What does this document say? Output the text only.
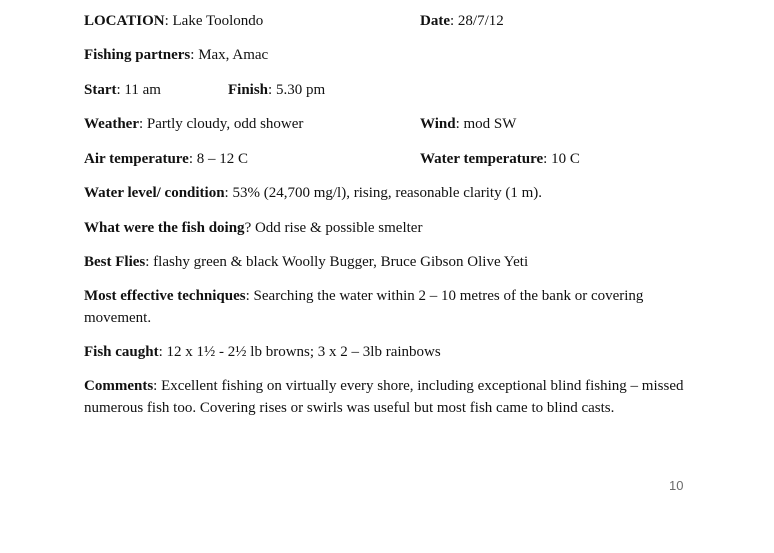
LOCATION: Lake Toolondo	Date: 28/7/12
Fishing partners: Max, Amac
Start: 11 am	Finish: 5.30 pm
Weather: Partly cloudy, odd shower	Wind: mod SW
Air temperature: 8 – 12 C	Water temperature: 10 C
Water level/ condition: 53% (24,700 mg/l), rising, reasonable clarity (1 m).
What were the fish doing? Odd rise & possible smelter
Best Flies: flashy green & black Woolly Bugger, Bruce Gibson Olive Yeti
Most effective techniques: Searching the water within 2 – 10 metres of the bank or covering movement.
Fish caught: 12 x 1½ - 2½ lb browns; 3 x 2 – 3lb rainbows
Comments: Excellent fishing on virtually every shore, including exceptional blind fishing – missed numerous fish too. Covering rises or swirls was useful but most fish came to blind casts.
10
